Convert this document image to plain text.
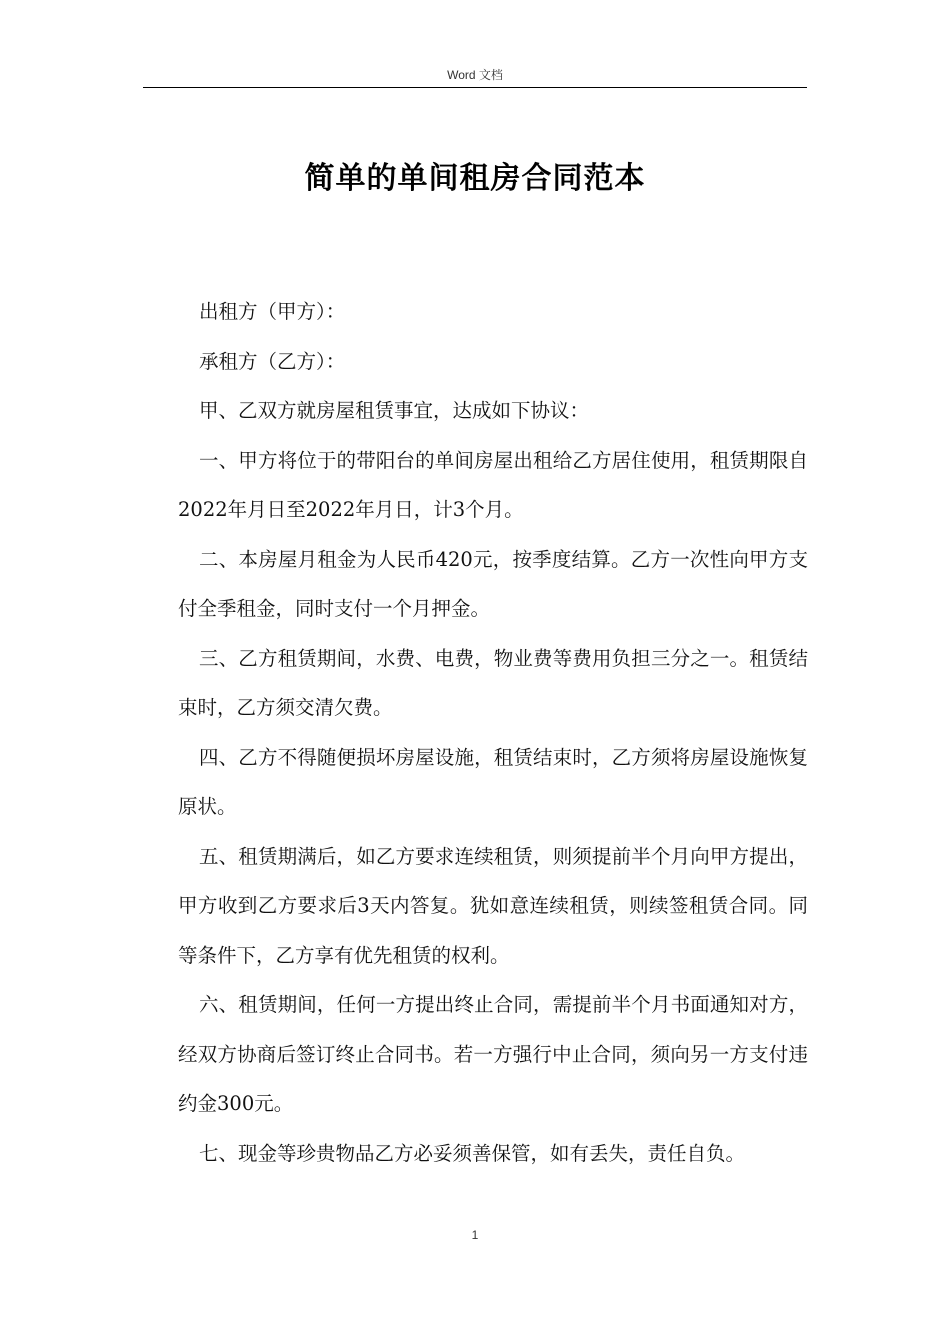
Word 文档
简单的单间租房合同范本

出租方（甲方）：

承租方（乙方）：

甲、乙双方就房屋租赁事宜，达成如下协议：

一、甲方将位于的带阳台的单间房屋出租给乙方居住使用，租赁期限自2022年月日至2022年月日，计3个月。

二、本房屋月租金为人民币420元，按季度结算。乙方一次性向甲方支付全季租金，同时支付一个月押金。

三、乙方租赁期间，水费、电费，物业费等费用负担三分之一。租赁结束时，乙方须交清欠费。

四、乙方不得随便损坏房屋设施，租赁结束时，乙方须将房屋设施恢复原状。

五、租赁期满后，如乙方要求连续租赁，则须提前半个月向甲方提出，甲方收到乙方要求后3天内答复。犹如意连续租赁，则续签租赁合同。同等条件下，乙方享有优先租赁的权利。

六、租赁期间，任何一方提出终止合同，需提前半个月书面通知对方，经双方协商后签订终止合同书。若一方强行中止合同，须向另一方支付违约金300元。

七、现金等珍贵物品乙方必妥须善保管，如有丢失，责任自负。

1
